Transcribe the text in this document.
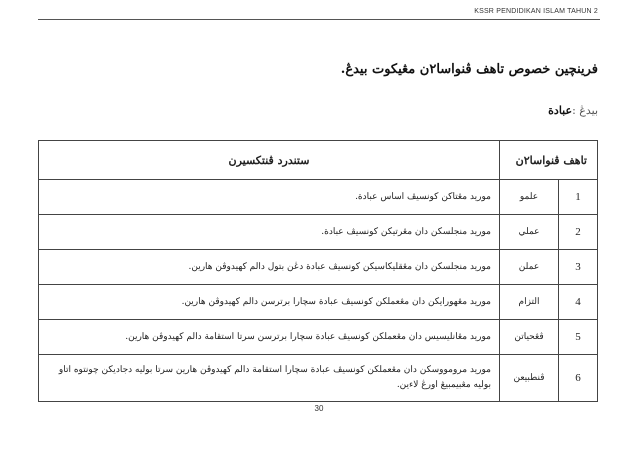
KSSR PENDIDIKAN ISLAM TAHUN 2
فرينچين خصوص تاهف ڤنواسا٢ن مڠيكوت بيدڠ.
بيدڠ :عبادة
تاهف ڤنواسا٢ن		ستندرد ڤنتكسيرن
1	علمو	موريد مڠتاكن كونسيڤ اساس عبادة.
2	عملي	موريد منجلسكن دان مڠرتيكن كونسيڤ عبادة.
3	عملن	موريد منجلسكن دان مڠقليكاسيكن كونسيڤ عبادة دڠن بتول دالم كهيدوڤن هارين.
4	التزام	موريد مڠهورايكن دان مڠعملكن كونسيڤ عبادة سچارا برترسن دالم كهيدوڤن هارين.
5	ڤڠحياتن	موريد مڠانليسيس دان مڠعملكن كونسيڤ عبادة سچارا برترسن سرتا استقامة دالم كهيدوڤن هارين.
6	ڤنطبيعن	موريد مرومووسكن دان مڠعملكن كونسيڤ عبادة سچارا استقامة دالم كهيدوڤن هارين سرتا بوليه دجاديكن چونتوه اتاو بوليه مڠبيمبيڠ اورڠ لاءين.
30
